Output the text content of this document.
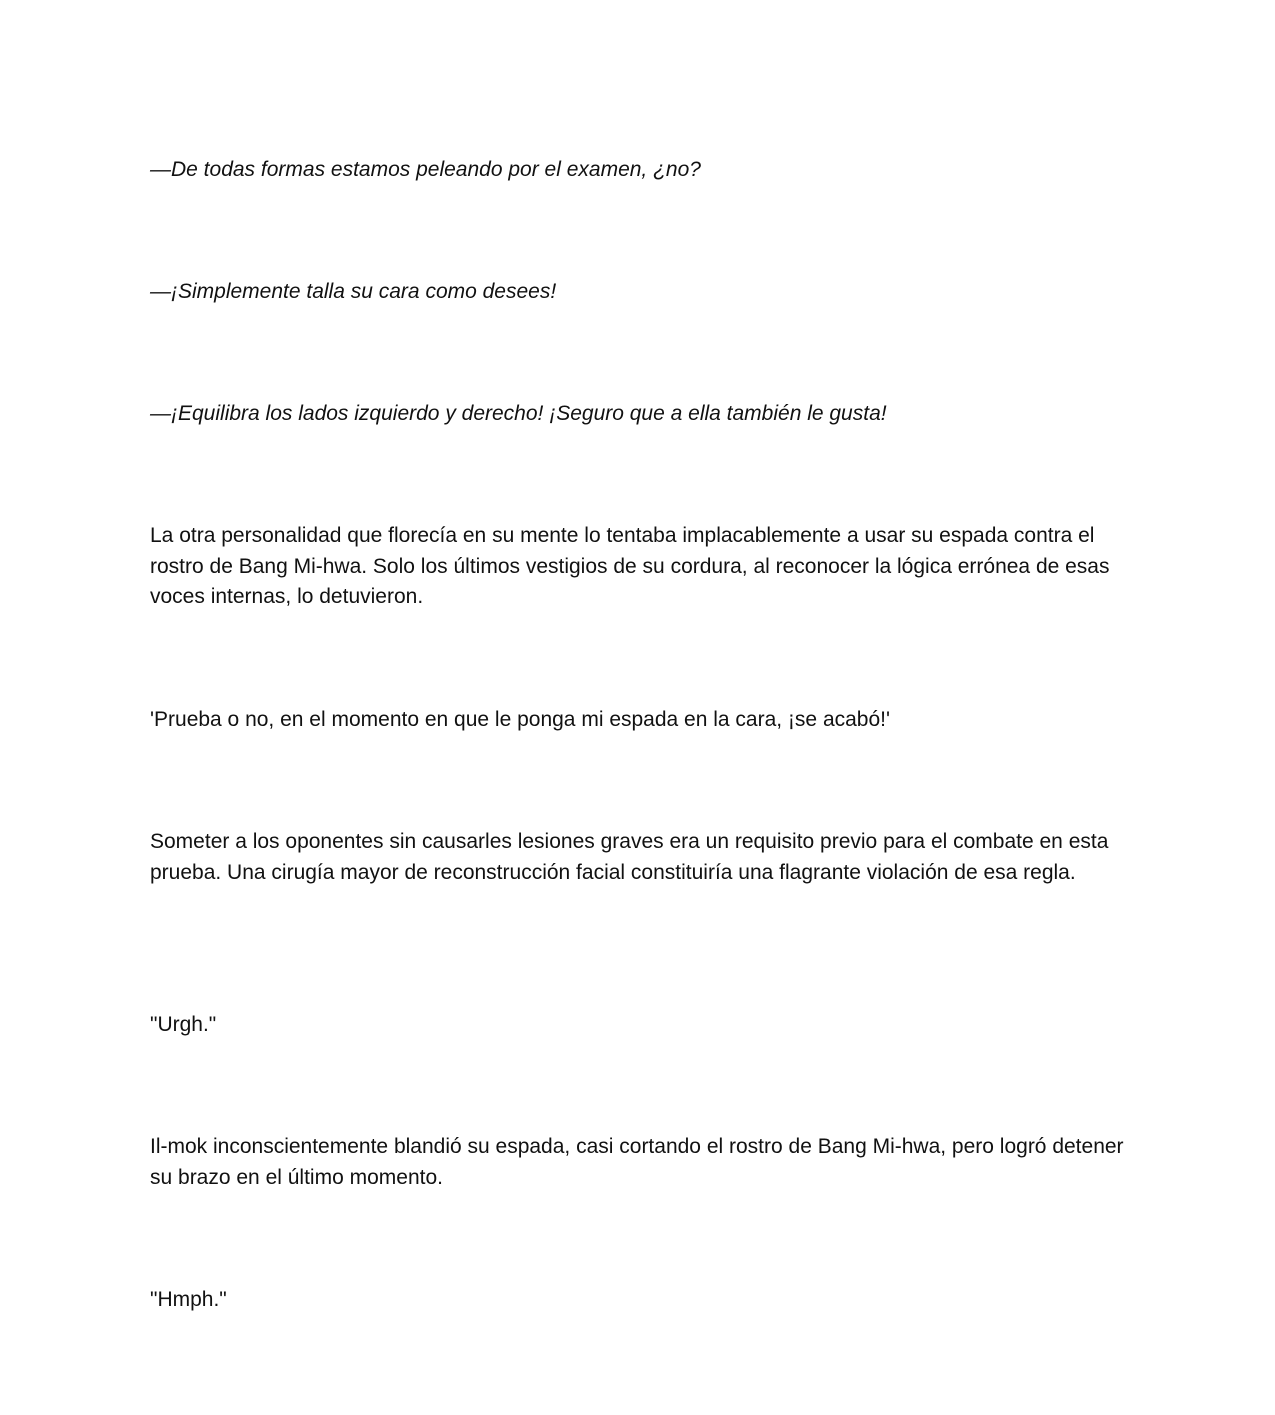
—De todas formas estamos peleando por el examen, ¿no?

—¡Simplemente talla su cara como desees!

—¡Equilibra los lados izquierdo y derecho! ¡Seguro que a ella también le gusta!

La otra personalidad que florecía en su mente lo tentaba implacablemente a usar su espada contra el rostro de Bang Mi-hwa. Solo los últimos vestigios de su cordura, al reconocer la lógica errónea de esas voces internas, lo detuvieron.

'Prueba o no, en el momento en que le ponga mi espada en la cara, ¡se acabó!'

Someter a los oponentes sin causarles lesiones graves era un requisito previo para el combate en esta prueba. Una cirugía mayor de reconstrucción facial constituiría una flagrante violación de esa regla.

"Urgh."

Il-mok inconscientemente blandió su espada, casi cortando el rostro de Bang Mi-hwa, pero logró detener su brazo en el último momento.

"Hmph."
